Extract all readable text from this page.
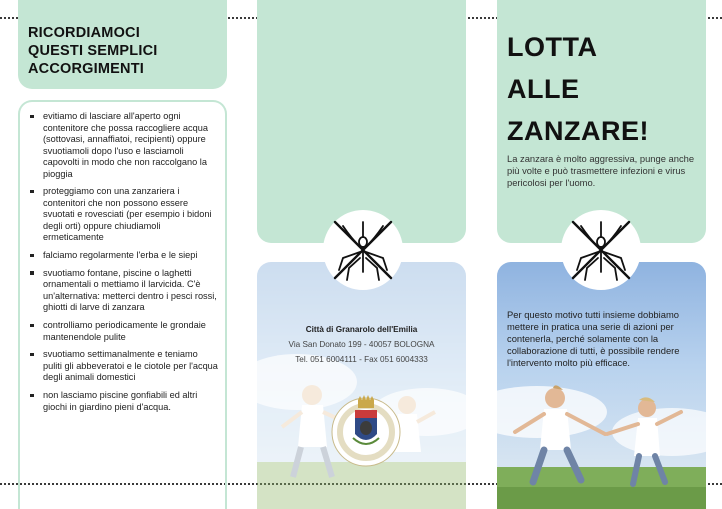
RICORDIAMOCI
QUESTI SEMPLICI
ACCORGIMENTI
evitiamo di lasciare all'aperto ogni contenitore che possa raccogliere acqua (sottovasi, annaffiatoi, recipienti) oppure svuotiamoli dopo l'uso e lasciamoli capovolti in modo che non raccolgano la pioggia
proteggiamo con una zanzariera i contenitori che non possono essere svuotati e rovesciati (per esempio i bidoni degli orti) oppure chiudiamoli ermeticamente
falciamo regolarmente l'erba e le siepi
svuotiamo fontane, piscine o laghetti ornamentali o mettiamo il larvicida. C'è un'alternativa: metterci dentro i pesci rossi, ghiotti di larve di zanzara
controlliamo periodicamente le grondaie mantenendole pulite
svuotiamo settimanalmente e teniamo puliti gli abbeveratoi e le ciotole per l'acqua degli animali domestici
non lasciamo piscine gonfiabili ed altri giochi in giardino pieni d'acqua.
Città di Granarolo dell'Emilia
Via San Donato 199 - 40057 BOLOGNA
Tel. 051 6004111 - Fax 051 6004333
LOTTA
ALLE
ZANZARE!

La zanzara è molto aggressiva, punge anche più volte e può trasmettere infezioni e virus pericolosi per l'uomo.

Per questo motivo tutti insieme dobbiamo mettere in pratica una serie di azioni per contenerla, perché solamente con la collaborazione di tutti, è possibile rendere l'intervento molto più efficace.
